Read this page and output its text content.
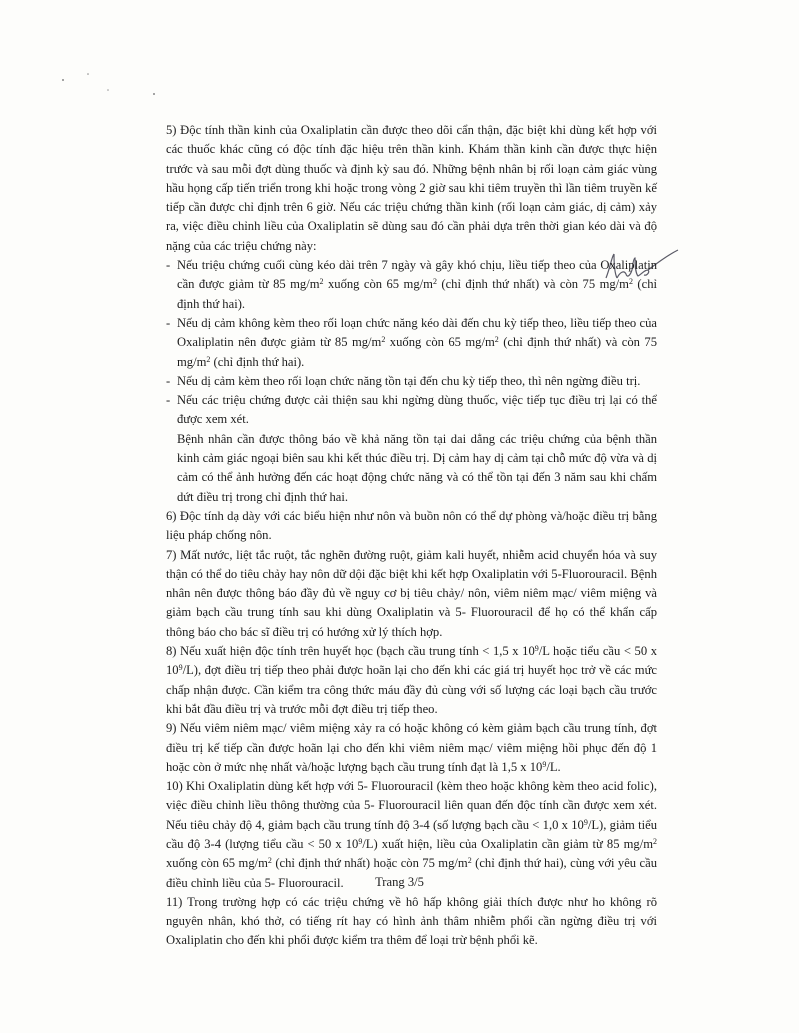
5) Độc tính thần kinh của Oxaliplatin cần được theo dõi cẩn thận, đặc biệt khi dùng kết hợp với các thuốc khác cũng có độc tính đặc hiệu trên thần kinh. Khám thần kinh cần được thực hiện trước và sau mỗi đợt dùng thuốc và định kỳ sau đó. Những bệnh nhân bị rối loạn cảm giác vùng hầu họng cấp tiến triển trong khi hoặc trong vòng 2 giờ sau khi tiêm truyền thì lần tiêm truyền kế tiếp cần được chỉ định trên 6 giờ. Nếu các triệu chứng thần kinh (rối loạn cảm giác, dị cảm) xảy ra, việc điều chỉnh liều của Oxaliplatin sẽ dùng sau đó cần phải dựa trên thời gian kéo dài và độ nặng của các triệu chứng này:

- Nếu triệu chứng cuối cùng kéo dài trên 7 ngày và gây khó chịu, liều tiếp theo của Oxaliplatin cần được giảm từ 85 $mg/m^2$ xuống còn 65 $mg/m^2$ (chỉ định thứ nhất) và còn 75 $mg/m^2$ (chỉ định thứ hai).

- Nếu dị cảm không kèm theo rối loạn chức năng kéo dài đến chu kỳ tiếp theo, liều tiếp theo của Oxaliplatin nên được giảm từ 85 $mg/m^2$ xuống còn 65 $mg/m^2$ (chỉ định thứ nhất) và còn 75 $mg/m^2$ (chỉ định thứ hai).

- Nếu dị cảm kèm theo rối loạn chức năng tồn tại đến chu kỳ tiếp theo, thì nên ngừng điều trị.

- Nếu các triệu chứng được cải thiện sau khi ngừng dùng thuốc, việc tiếp tục điều trị lại có thể được xem xét.

Bệnh nhân cần được thông báo về khả năng tồn tại dai dẳng các triệu chứng của bệnh thần kinh cảm giác ngoại biên sau khi kết thúc điều trị. Dị cảm hay dị cảm tại chỗ mức độ vừa và dị cảm có thể ảnh hưởng đến các hoạt động chức năng và có thể tồn tại đến 3 năm sau khi chấm dứt điều trị trong chỉ định thứ hai.

6) Độc tính dạ dày với các biểu hiện như nôn và buồn nôn có thể dự phòng và/hoặc điều trị bằng liệu pháp chống nôn.

7) Mất nước, liệt tắc ruột, tắc nghẽn đường ruột, giảm kali huyết, nhiễm acid chuyển hóa và suy thận có thể do tiêu chảy hay nôn dữ dội đặc biệt khi kết hợp Oxaliplatin với 5-Fluorouracil. Bệnh nhân nên được thông báo đầy đủ về nguy cơ bị tiêu chảy/ nôn, viêm niêm mạc/ viêm miệng và giảm bạch cầu trung tính sau khi dùng Oxaliplatin và 5- Fluorouracil để họ có thể khẩn cấp thông báo cho bác sĩ điều trị có hướng xử lý thích hợp.

8) Nếu xuất hiện độc tính trên huyết học (bạch cầu trung tính < 1,5 x $10^9/L$ hoặc tiểu cầu < 50 x $10^9/L$), đợt điều trị tiếp theo phải được hoãn lại cho đến khi các giá trị huyết học trở về các mức chấp nhận được. Cần kiểm tra công thức máu đầy đủ cùng với số lượng các loại bạch cầu trước khi bắt đầu điều trị và trước mỗi đợt điều trị tiếp theo.

9) Nếu viêm niêm mạc/ viêm miệng xảy ra có hoặc không có kèm giảm bạch cầu trung tính, đợt điều trị kế tiếp cần được hoãn lại cho đến khi viêm niêm mạc/ viêm miệng hồi phục đến độ 1 hoặc còn ở mức nhẹ nhất và/hoặc lượng bạch cầu trung tính đạt là 1,5 x $10^9/L$.

10) Khi Oxaliplatin dùng kết hợp với 5- Fluorouracil (kèm theo hoặc không kèm theo acid folic), việc điều chỉnh liều thông thường của 5- Fluorouracil liên quan đến độc tính cần được xem xét. Nếu tiêu chảy độ 4, giảm bạch cầu trung tính độ 3-4 (số lượng bạch cầu < 1,0 x $10^9/L$), giảm tiểu cầu độ 3-4 (lượng tiểu cầu < 50 x $10^9/L$) xuất hiện, liều của Oxaliplatin cần giảm từ 85 $mg/m^2$ xuống còn 65 $mg/m^2$ (chỉ định thứ nhất) hoặc còn 75 $mg/m^2$ (chỉ định thứ hai), cùng với yêu cầu điều chỉnh liều của 5- Fluorouracil.

11) Trong trường hợp có các triệu chứng về hô hấp không giải thích được như ho không rõ nguyên nhân, khó thở, có tiếng rít hay có hình ảnh thâm nhiễm phổi cần ngừng điều trị với Oxaliplatin cho đến khi phổi được kiểm tra thêm để loại trừ bệnh phổi kẽ.

Trang 3/5
